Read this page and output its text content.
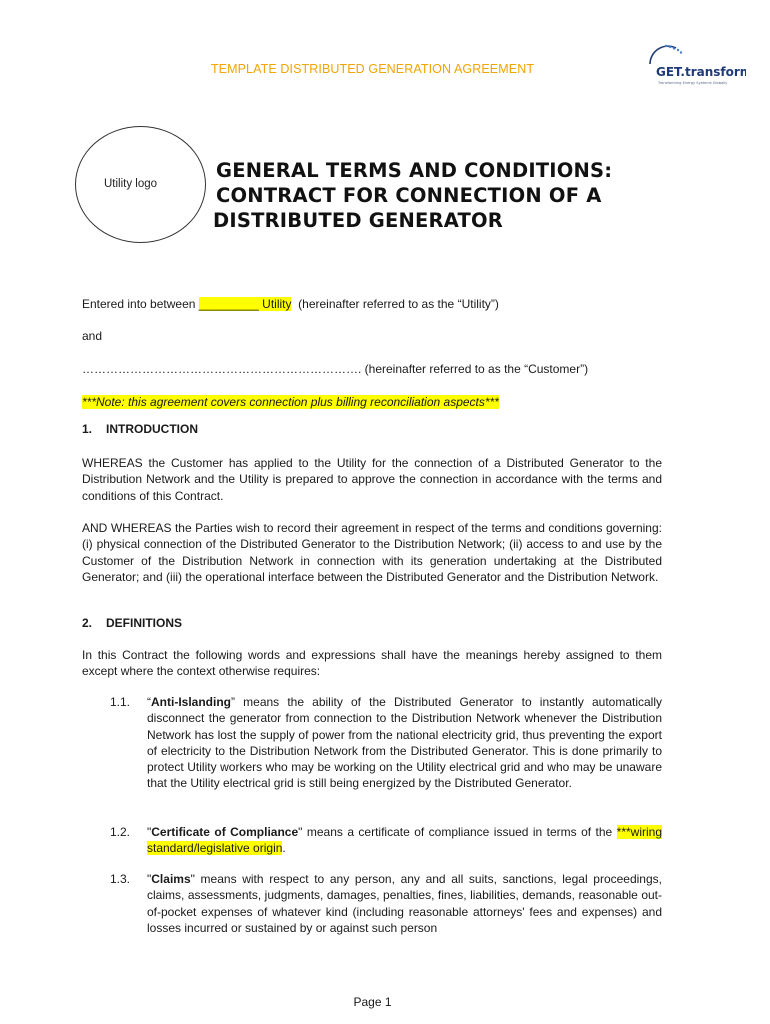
TEMPLATE DISTRIBUTED GENERATION AGREEMENT	GET.transform
Transforming Energy Systems Globally
Utility logo
GENERAL TERMS AND CONDITIONS:
CONTRACT FOR CONNECTION OF A
DISTRIBUTED GENERATOR
Entered into between _________ Utility  (hereinafter referred to as the “Utility”)
and
……………………………………………………………. (hereinafter referred to as the “Customer”)
***Note: this agreement covers connection plus billing reconciliation aspects***
1. INTRODUCTION
WHEREAS the Customer has applied to the Utility for the connection of a Distributed Generator to the Distribution Network and the Utility is prepared to approve the connection in accordance with the terms and conditions of this Contract.
AND WHEREAS the Parties wish to record their agreement in respect of the terms and conditions governing: (i) physical connection of the Distributed Generator to the Distribution Network; (ii) access to and use by the Customer of the Distribution Network in connection with its generation undertaking at the Distributed Generator; and (iii) the operational interface between the Distributed Generator and the Distribution Network.
2. DEFINITIONS
In this Contract the following words and expressions shall have the meanings hereby assigned to them except where the context otherwise requires:
1.1. “Anti-Islanding” means the ability of the Distributed Generator to instantly automatically disconnect the generator from connection to the Distribution Network whenever the Distribution Network has lost the supply of power from the national electricity grid, thus preventing the export of electricity to the Distribution Network from the Distributed Generator. This is done primarily to protect Utility workers who may be working on the Utility electrical grid and who may be unaware that the Utility electrical grid is still being energized by the Distributed Generator.
1.2. "Certificate of Compliance" means a certificate of compliance issued in terms of the ***wiring standard/legislative origin.
1.3. "Claims" means with respect to any person, any and all suits, sanctions, legal proceedings, claims, assessments, judgments, damages, penalties, fines, liabilities, demands, reasonable out-of-pocket expenses of whatever kind (including reasonable attorneys' fees and expenses) and losses incurred or sustained by or against such person
Page 1
